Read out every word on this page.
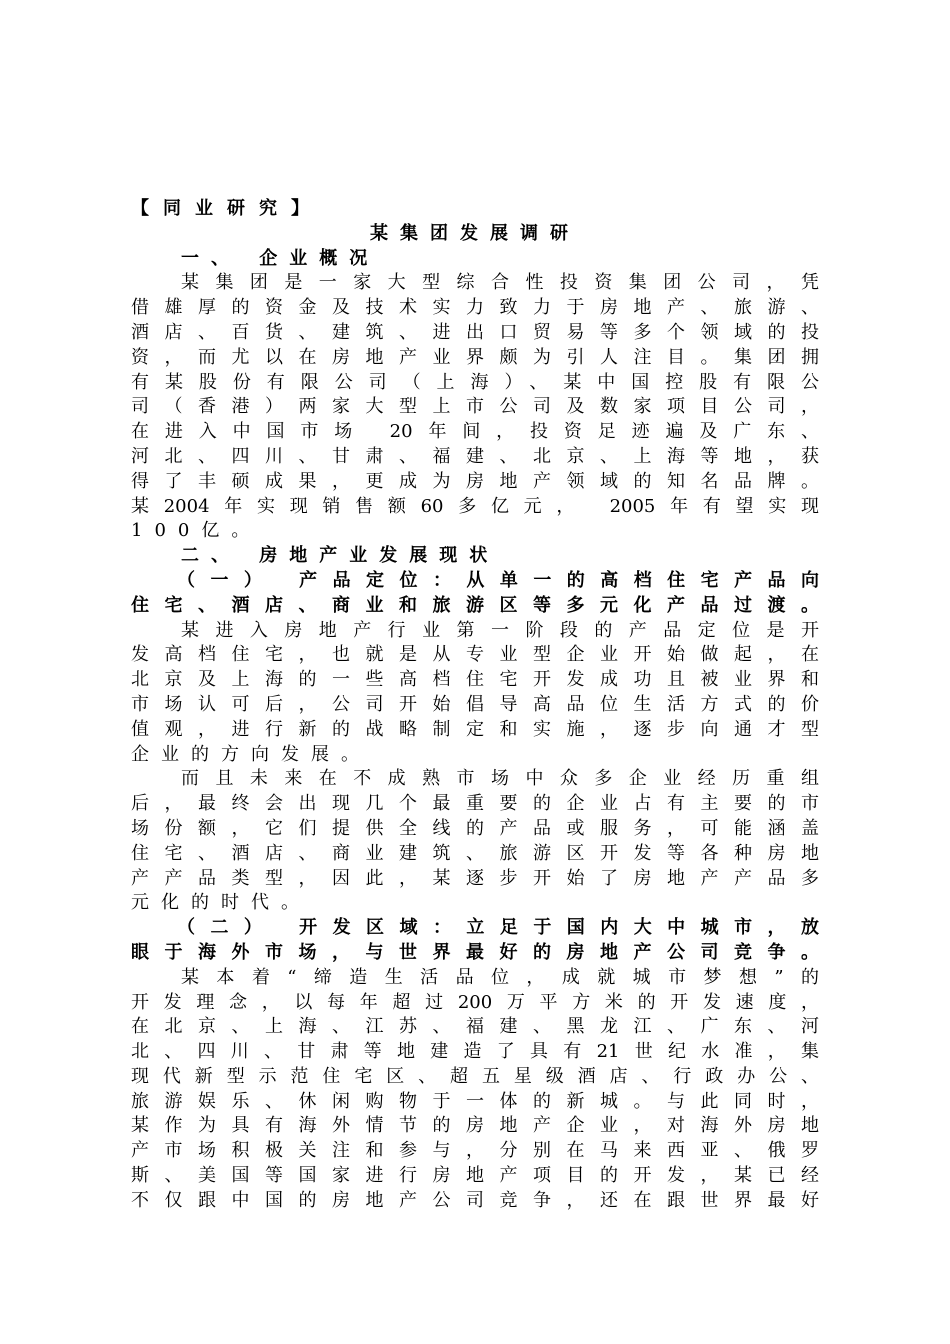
【同业研究】
某集团发展调研
一、 企业概况
某集团是一家大型综合性投资集团公司，凭
借雄厚的资金及技术实力致力于房地产、旅游、
酒店、百货、建筑、进出口贸易等多个领域的投
资，而尤以在房地产业界颇为引人注目。集团拥
有某股份有限公司（上海）、某中国控股有限公
司（香港）两家大型上市公司及数家项目公司，
在进入中国市场 20年间，投资足迹遍及广东、
河北、四川、甘肃、福建、北京、上海等地，获
得了丰硕成果，更成为房地产领域的知名品牌。
某2004年实现销售额60多亿元， 2005年有望实现
100亿。
二、 房地产业发展现状
（一） 产品定位：从单一的高档住宅产品向
住宅、酒店、商业和旅游区等多元化产品过渡。
某进入房地产行业第一阶段的产品定位是开
发高档住宅，也就是从专业型企业开始做起，在
北京及上海的一些高档住宅开发成功且被业界和
市场认可后，公司开始倡导高品位生活方式的价
值观，进行新的战略制定和实施，逐步向通才型
企业的方向发展。
而且未来在不成熟市场中众多企业经历重组
后，最终会出现几个最重要的企业占有主要的市
场份额，它们提供全线的产品或服务，可能涵盖
住宅、酒店、商业建筑、旅游区开发等各种房地
产产品类型，因此，某逐步开始了房地产产品多
元化的时代。
（二） 开发区域：立足于国内大中城市，放
眼于海外市场，与世界最好的房地产公司竞争。
某本着“缔造生活品位，成就城市梦想”的
开发理念，以每年超过200万平方米的开发速度，
在北京、上海、江苏、福建、黑龙江、广东、河
北、四川、甘肃等地建造了具有21世纪水准，集
现代新型示范住宅区、超五星级酒店、行政办公、
旅游娱乐、休闲购物于一体的新城。与此同时，
某作为具有海外情节的房地产企业，对海外房地
产市场积极关注和参与，分别在马来西亚、俄罗
斯、美国等国家进行房地产项目的开发，某已经
不仅跟中国的房地产公司竞争，还在跟世界最好
